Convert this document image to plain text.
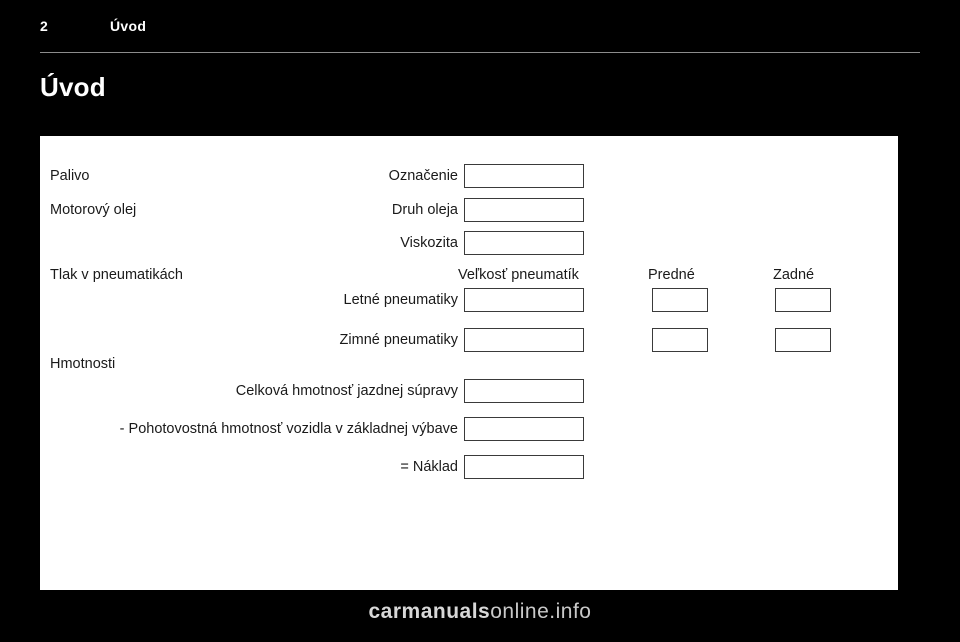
2	Úvod
Úvod
Palivo	Označenie
Motorový olej	Druh oleja
Viskozita
Tlak v pneumatikách	Veľkosť pneumatík	Predné	Zadné
Letné pneumatiky
Zimné pneumatiky
Hmotnosti
Celková hmotnosť jazdnej súpravy
- Pohotovostná hmotnosť vozidla v základnej výbave
= Náklad
carmanualsonline.info
